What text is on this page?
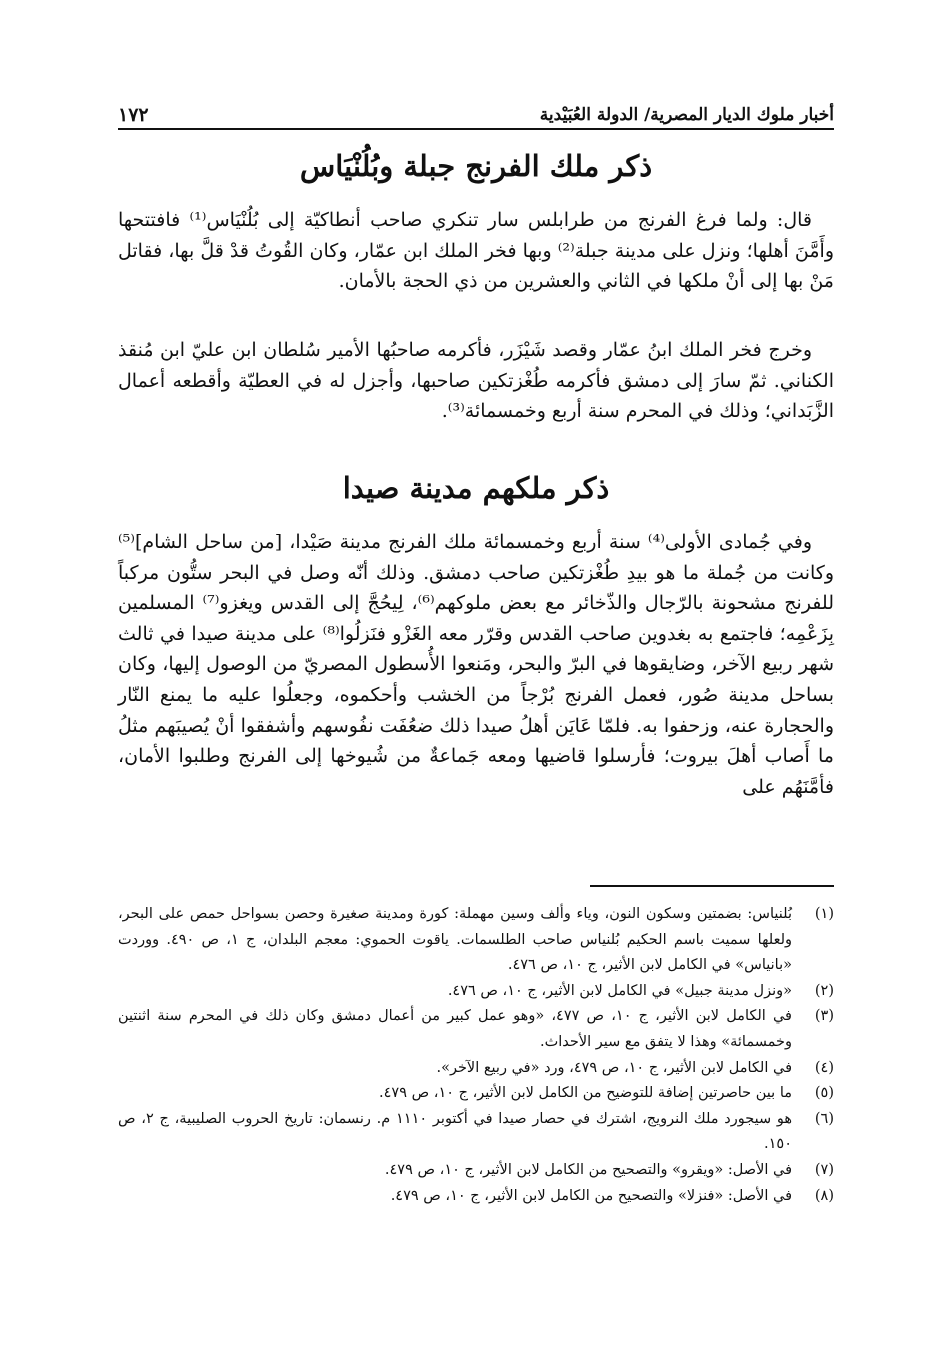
١٧٢	أخبار ملوك الديار المصرية/ الدولة العُبَيْدية
ذكر ملك الفرنج جبلة وبُلُنْيَاس

قال: ولما فرغ الفرنج من طرابلس سار تنكري صاحب أنطاكيّة إلى بُلُنْيَاس⁽¹⁾ فافتتحها وأَمَّنَ أهلها؛ ونزل على مدينة جبلة⁽²⁾ وبها فخر الملك ابن عمّار، وكان القُوتُ قدْ قلَّ بها، فقاتل مَنْ بها إلى أنْ ملكها في الثاني والعشرين من ذي الحجة بالأمان.

وخرج فخر الملك ابنُ عمّار وقصد شَيْزَر، فأكرمه صاحبُها الأمير سُلطان ابن عليّ ابن مُنقذ الكناني. ثمّ سارَ إلى دمشق فأكرمه طُغْزتكين صاحبها، وأجزل له في العطيّة وأقطعه أعمال الزَّبَداني؛ وذلك في المحرم سنة أربع وخمسمائة⁽³⁾.

ذكر ملكهم مدينة صيدا

وفي جُمادى الأولى⁽⁴⁾ سنة أربع وخمسمائة ملك الفرنج مدينة صَيْدا، [من ساحل الشام]⁽⁵⁾ وكانت من جُملة ما هو بيدِ طُغْزتكين صاحب دمشق. وذلك أنّه وصل في البحر ستُّون مركباً للفرنج مشحونة بالرّجال والذّخائر مع بعض ملوكهم⁽⁶⁾، لِيحُجَّ إلى القدس ويغزو⁽⁷⁾ المسلمين بِزَعْمِه؛ فاجتمع به بغدوين صاحب القدس وقرّر معه الغَزْو فنَزلُوا⁽⁸⁾ على مدينة صيدا في ثالث شهر ربيع الآخر، وضايقوها في البرّ والبحر، ومَنعوا الأُسطول المصريّ من الوصول إليها، وكان بساحل مدينة صُور، فعمل الفرنج بُرْجاً من الخشب وأحكموه، وجعلُوا عليه ما يمنع النّار والحجارة عنه، وزحفوا به. فلمّا عَايَن أهلُ صيدا ذلك ضعُفَت نفُوسهم وأشفقوا أنْ يُصيبَهم مثلُ ما أَصاب أهلَ بيروت؛ فأرسلوا قاضيها ومعه جَماعةٌ من شُيوخها إلى الفرنج وطلبوا الأمان، فأمَّنَهُم على

(١)
بُلنياس: بضمتين وسكون النون، وياء وألف وسين مهملة: كورة ومدينة صغيرة وحصن بسواحل حمص على البحر، ولعلها سميت باسم الحكيم بُلنياس صاحب الطلسمات. ياقوت الحموي: معجم البلدان، ج ١، ص ٤٩٠. ووردت «بانياس» في الكامل لابن الأثير، ج ١٠، ص ٤٧٦.
(٢)
«ونزل مدينة جبيل» في الكامل لابن الأثير، ج ١٠، ص ٤٧٦.
(٣)
في الكامل لابن الأثير، ج ١٠، ص ٤٧٧، «وهو عمل كبير من أعمال دمشق وكان ذلك في المحرم سنة اثنتين وخمسمائة» وهذا لا يتفق مع سير الأحداث.
(٤)
في الكامل لابن الأثير، ج ١٠، ص ٤٧٩، ورد «في ربيع الآخر».
(٥)
ما بين حاصرتين إضافة للتوضيح من الكامل لابن الأثير، ج ١٠، ص ٤٧٩.
(٦)
هو سيجورد ملك النرويج، اشترك في حصار صيدا في أكتوبر ١١١٠ م. رنسمان: تاريخ الحروب الصليبية، ج ٢، ص ١٥٠.
(٧)
في الأصل: «ويقرو» والتصحيح من الكامل لابن الأثير، ج ١٠، ص ٤٧٩.
(٨)
في الأصل: «فنزلا» والتصحيح من الكامل لابن الأثير، ج ١٠، ص ٤٧٩.
